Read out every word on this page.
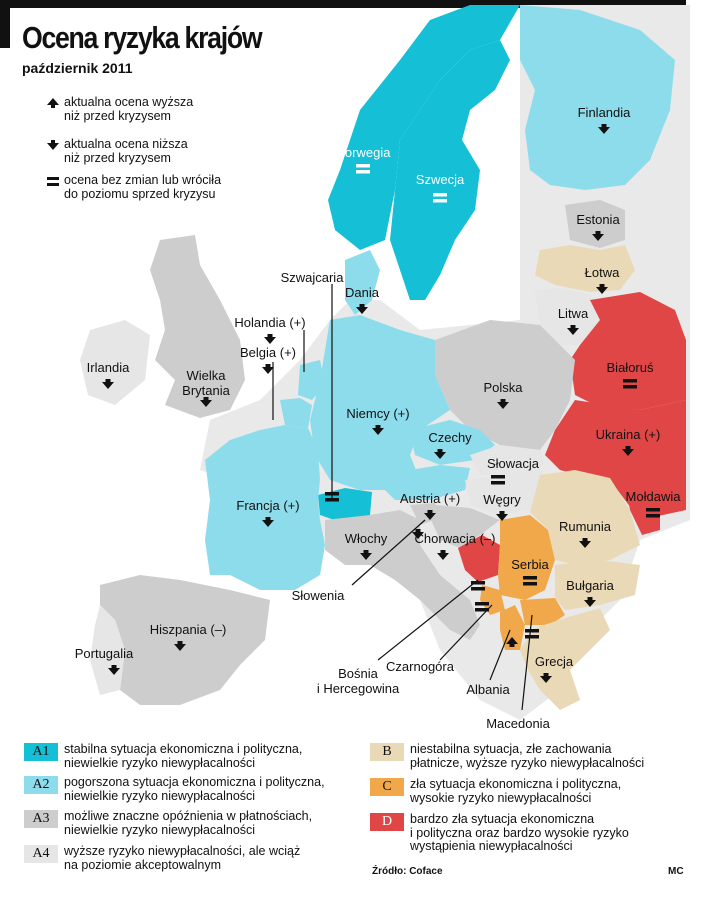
Ocena ryzyka krajów
październik 2011
aktualna ocena wyższa
niż przed kryzysem
aktualna ocena niższa
niż przed kryzysem
ocena bez zmian lub wróciła
do poziomu sprzed kryzysu
Norwegia
Szwecja
Finlandia
Estonia
Łotwa
Litwa
Dania
Szwajcaria
Holandia (+)
Belgia (+)
Irlandia
Wielka
Brytania	Polska
Białoruś
Ukraina (+)
Mołdawia
Niemcy (+)
Czechy
Słowacja
Austria (+) Węgry
Francja (+)
Włochy Chorwacja (–)
Rumunia
Serbia
Bułgaria
Słowenia
Hiszpania (–)
Portugalia
Bośnia
i Hercegowina
Czarnogóra
Albania
Macedonia
Grecja
A1	stabilna sytuacja ekonomiczna i polityczna,
niewielkie ryzyko niewypłacalności
A2	pogorszona sytuacja ekonomiczna i polityczna,
niewielkie ryzyko niewypłacalności
A3	możliwe znaczne opóźnienia w płatnościach,
niewielkie ryzyko niewypłacalności
A4	wyższe ryzyko niewypłacalności, ale wciąż
na poziomie akceptowalnym
B	niestabilna sytuacja, złe zachowania
płatnicze, wyższe ryzyko niewypłacalności
C	zła sytuacja ekonomiczna i polityczna,
wysokie ryzyko niewypłacalności
D	bardzo zła sytuacja ekonomiczna
i polityczna oraz bardzo wysokie ryzyko
wystąpienia niewypłacalności
Źródło: Coface	MC
